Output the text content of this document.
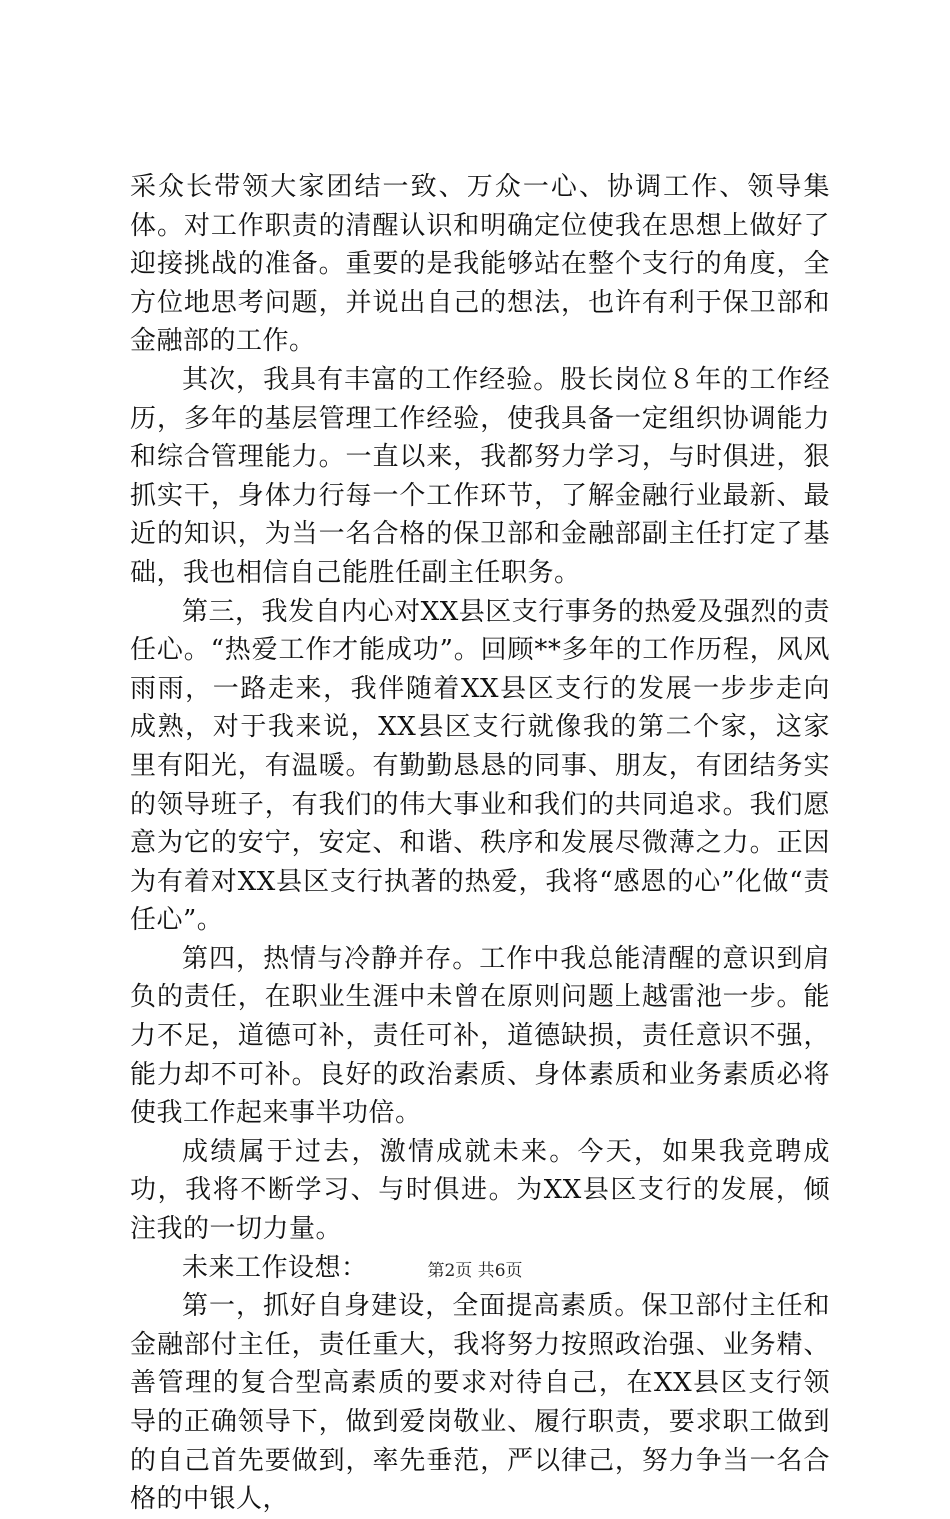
采众长带领大家团结一致、万众一心、协调工作、领导集体。对工作职责的清醒认识和明确定位使我在思想上做好了迎接挑战的准备。重要的是我能够站在整个支行的角度，全方位地思考问题，并说出自己的想法，也许有利于保卫部和金融部的工作。

其次，我具有丰富的工作经验。股长岗位８年的工作经历，多年的基层管理工作经验，使我具备一定组织协调能力和综合管理能力。一直以来，我都努力学习，与时俱进，狠抓实干，身体力行每一个工作环节，了解金融行业最新、最近的知识，为当一名合格的保卫部和金融部副主任打定了基础，我也相信自己能胜任副主任职务。

第三，我发自内心对XX县区支行事务的热爱及强烈的责任心。“热爱工作才能成功”。回顾**多年的工作历程，风风雨雨，一路走来，我伴随着XX县区支行的发展一步步走向成熟，对于我来说，XX县区支行就像我的第二个家，这家里有阳光，有温暖。有勤勤恳恳的同事、朋友，有团结务实的领导班子，有我们的伟大事业和我们的共同追求。我们愿意为它的安宁，安定、和谐、秩序和发展尽微薄之力。正因为有着对XX县区支行执著的热爱，我将“感恩的心”化做“责任心”。

第四，热情与冷静并存。工作中我总能清醒的意识到肩负的责任，在职业生涯中未曾在原则问题上越雷池一步。能力不足，道德可补，责任可补，道德缺损，责任意识不强，能力却不可补。良好的政治素质、身体素质和业务素质必将使我工作起来事半功倍。

成绩属于过去，激情成就未来。今天，如果我竞聘成功，我将不断学习、与时俱进。为XX县区支行的发展，倾注我的一切力量。

未来工作设想：

第一，抓好自身建设，全面提高素质。保卫部付主任和金融部付主任，责任重大，我将努力按照政治强、业务精、善管理的复合型高素质的要求对待自己，在XX县区支行领导的正确领导下，做到爱岗敬业、履行职责，要求职工做到的自己首先要做到，率先垂范，严以律己，努力争当一名合格的中银人，

第2页 共6页
